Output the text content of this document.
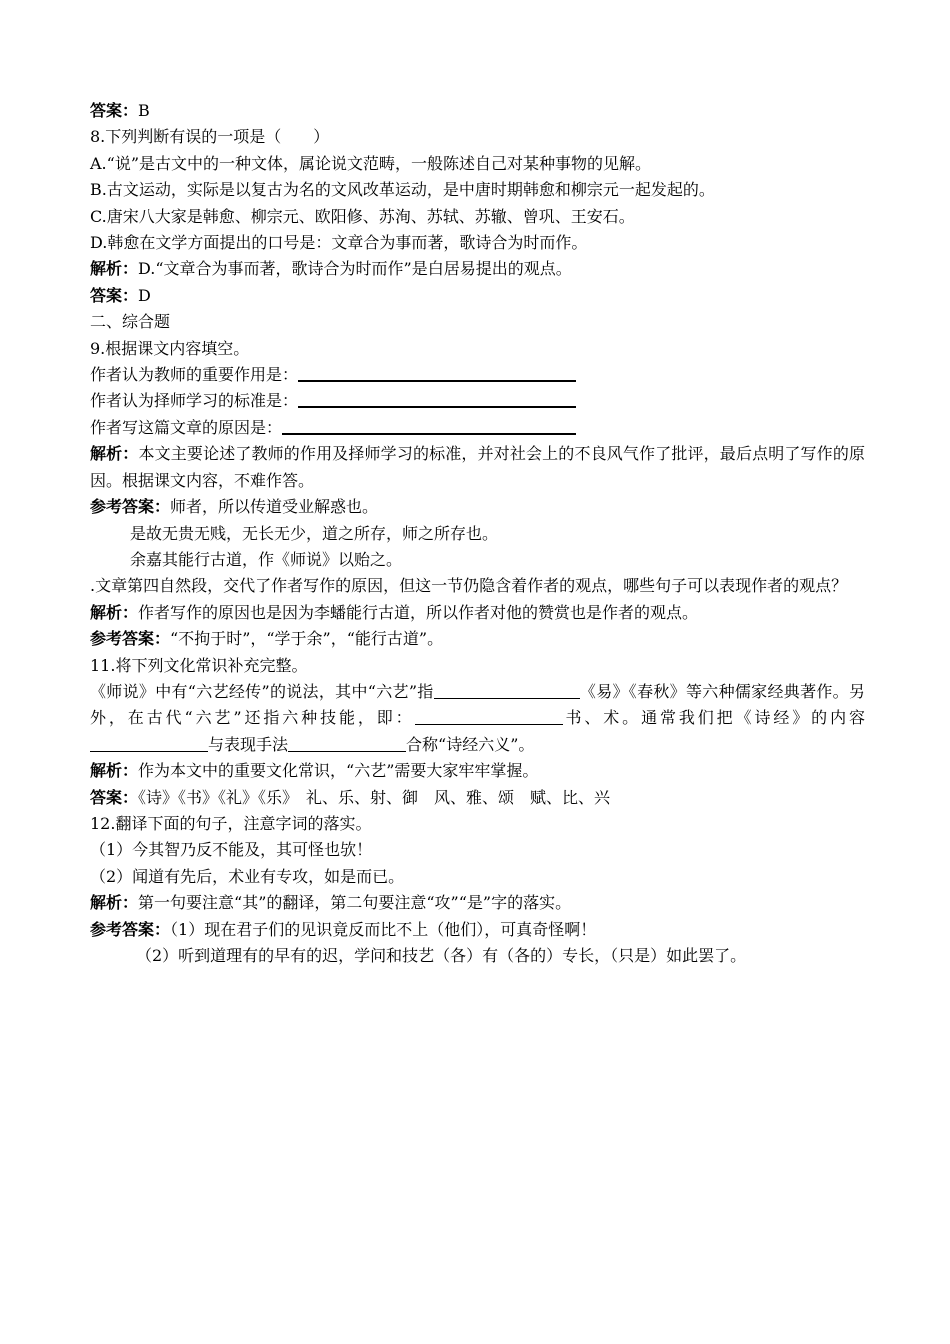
答案：B
8.下列判断有误的一项是（　　）
A.“说”是古文中的一种文体，属论说文范畴，一般陈述自己对某种事物的见解。
B.古文运动，实际是以复古为名的文风改革运动，是中唐时期韩愈和柳宗元一起发起的。
C.唐宋八大家是韩愈、柳宗元、欧阳修、苏洵、苏轼、苏辙、曾巩、王安石。
D.韩愈在文学方面提出的口号是：文章合为事而著，歌诗合为时而作。
解析：D.“文章合为事而著，歌诗合为时而作”是白居易提出的观点。
答案：D
二、综合题
9.根据课文内容填空。
作者认为教师的重要作用是：
作者认为择师学习的标准是：
作者写这篇文章的原因是：
解析：本文主要论述了教师的作用及择师学习的标准，并对社会上的不良风气作了批评，最后点明了写作的原因。根据课文内容，不难作答。
参考答案：师者，所以传道受业解惑也。
是故无贵无贱，无长无少，道之所存，师之所存也。
余嘉其能行古道，作《师说》以贻之。
.文章第四自然段，交代了作者写作的原因，但这一节仍隐含着作者的观点，哪些句子可以表现作者的观点？
解析：作者写作的原因也是因为李蟠能行古道，所以作者对他的赞赏也是作者的观点。
参考答案：“不拘于时”，“学于余”，“能行古道”。
11.将下列文化常识补充完整。
《师说》中有“六艺经传”的说法，其中“六艺”指	《易》《春秋》等六种儒家经典著作。另外，在古代“六艺”还指六种技能，即：	书、术。通常我们把《诗经》的内容与表现手法	合称“诗经六义”。
解析：作为本文中的重要文化常识，“六艺”需要大家牢牢掌握。
答案：《诗》《书》《礼》《乐》　礼、乐、射、御　风、雅、颂　赋、比、兴
12.翻译下面的句子，注意字词的落实。
（1）今其智乃反不能及，其可怪也欤！
（2）闻道有先后，术业有专攻，如是而已。
解析：第一句要注意“其”的翻译，第二句要注意“攻”“是”字的落实。
参考答案：（1）现在君子们的见识竟反而比不上（他们），可真奇怪啊！
（2）听到道理有的早有的迟，学问和技艺（各）有（各的）专长，（只是）如此罢了。
